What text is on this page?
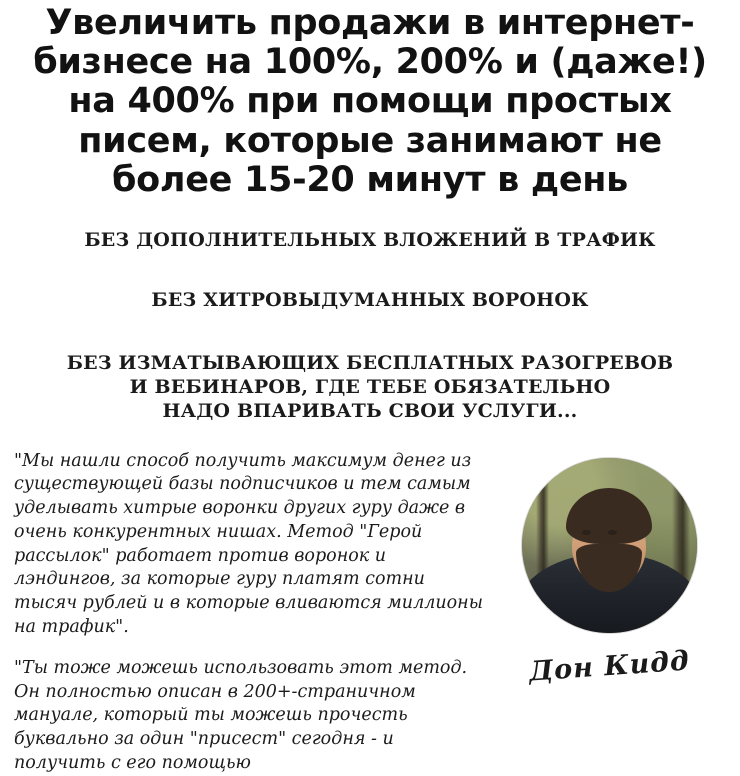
Увеличить продажи в интернет-бизнесе на 100%, 200% и (даже!) на 400% при помощи простых писем, которые занимают не более 15-20 минут в день
БЕЗ ДОПОЛНИТЕЛЬНЫХ ВЛОЖЕНИЙ В ТРАФИК
БЕЗ ХИТРОВЫДУМАННЫХ ВОРОНОК
БЕЗ ИЗМАТЫВАЮЩИХ БЕСПЛАТНЫХ РАЗОГРЕВОВ
И ВЕБИНАРОВ, ГДЕ ТЕБЕ ОБЯЗАТЕЛЬНО
НАДО ВПАРИВАТЬ СВОИ УСЛУГИ...

"Мы нашли способ получить максимум денег из существующей базы подписчиков и тем самым уделывать хитрые воронки других гуру даже в очень конкурентных нишах. Метод "Герой рассылок" работает против воронок и лэндингов, за которые гуру платят сотни тысяч рублей и в которые вливаются миллионы на трафик".

"Ты тоже можешь использовать этот метод. Он полностью описан в 200+-страничном мануале, который ты можешь прочесть буквально за один "присест" сегодня - и получить с его помощью

Дон Кидд
